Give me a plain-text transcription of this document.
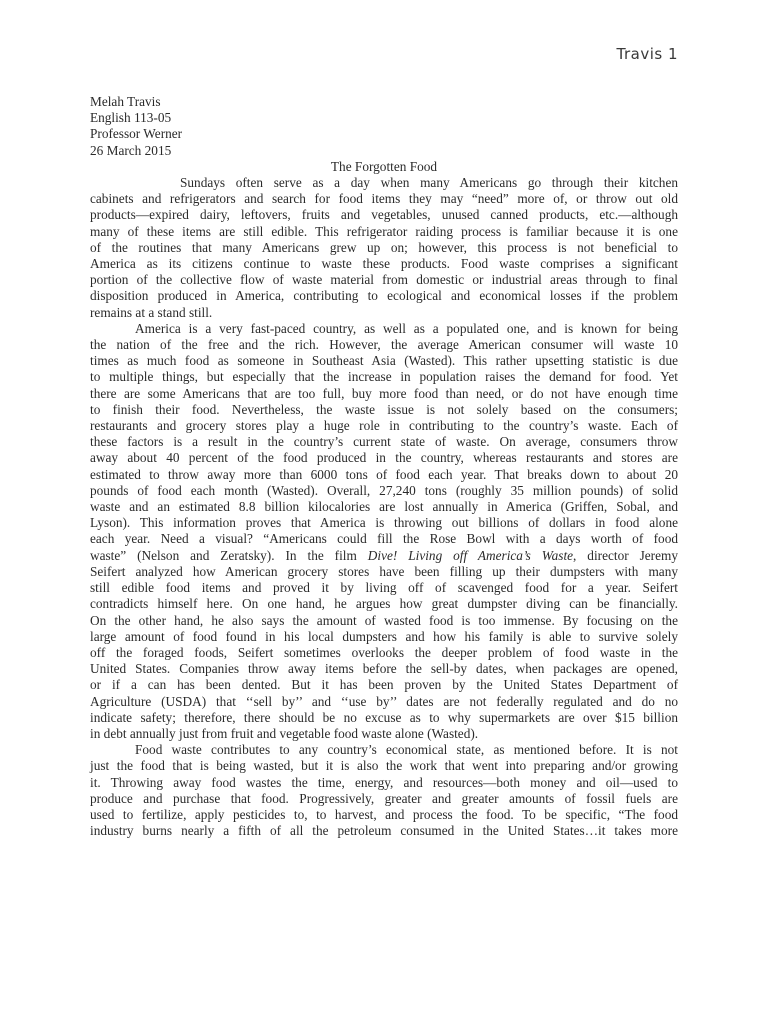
Travis 1

Melah Travis

English 113-05

Professor Werner

26 March 2015

The Forgotten Food

Sundays often serve as a day when many Americans go through their kitchen
cabinets and refrigerators and search for food items they may “need” more of, or throw out old
products—expired dairy, leftovers, fruits and vegetables, unused canned products, etc.—although
many of these items are still edible. This refrigerator raiding process is familiar because it is one
of the routines that many Americans grew up on; however, this process is not beneficial to
America as its citizens continue to waste these products. Food waste comprises a significant
portion of the collective flow of waste material from domestic or industrial areas through to final
disposition produced in America, contributing to ecological and economical losses if the problem
remains at a stand still.
America is a very fast-paced country, as well as a populated one, and is known for being
the nation of the free and the rich. However, the average American consumer will waste 10
times as much food as someone in Southeast Asia (Wasted). This rather upsetting statistic is due
to multiple things, but especially that the increase in population raises the demand for food. Yet
there are some Americans that are too full, buy more food than need, or do not have enough time
to finish their food. Nevertheless, the waste issue is not solely based on the consumers;
restaurants and grocery stores play a huge role in contributing to the country’s waste. Each of
these factors is a result in the country’s current state of waste. On average, consumers throw
away about 40 percent of the food produced in the country, whereas restaurants and stores are
estimated to throw away more than 6000 tons of food each year. That breaks down to about 20
pounds of food each month (Wasted). Overall, 27,240 tons (roughly 35 million pounds) of solid
waste and an estimated 8.8 billion kilocalories are lost annually in America (Griffen, Sobal, and
Lyson). This information proves that America is throwing out billions of dollars in food alone
each year. Need a visual? “Americans could fill the Rose Bowl with a days worth of food
waste” (Nelson and Zeratsky). In the film Dive! Living off America’s Waste, director Jeremy
Seifert analyzed how American grocery stores have been filling up their dumpsters with many
still edible food items and proved it by living off of scavenged food for a year. Seifert
contradicts himself here. On one hand, he argues how great dumpster diving can be financially.
On the other hand, he also says the amount of wasted food is too immense. By focusing on the
large amount of food found in his local dumpsters and how his family is able to survive solely
off the foraged foods, Seifert sometimes overlooks the deeper problem of food waste in the
United States. Companies throw away items before the sell-by dates, when packages are opened,
or if a can has been dented. But it has been proven by the United States Department of
Agriculture (USDA) that ‘‘sell by’’ and ‘‘use by’’ dates are not federally regulated and do no
indicate safety; therefore, there should be no excuse as to why supermarkets are over $15 billion
in debt annually just from fruit and vegetable food waste alone (Wasted).
Food waste contributes to any country’s economical state, as mentioned before. It is not
just the food that is being wasted, but it is also the work that went into preparing and/or growing
it. Throwing away food wastes the time, energy, and resources—both money and oil—used to
produce and purchase that food. Progressively, greater and greater amounts of fossil fuels are
used to fertilize, apply pesticides to, to harvest, and process the food. To be specific, “The food
industry burns nearly a fifth of all the petroleum consumed in the United States…it takes more
